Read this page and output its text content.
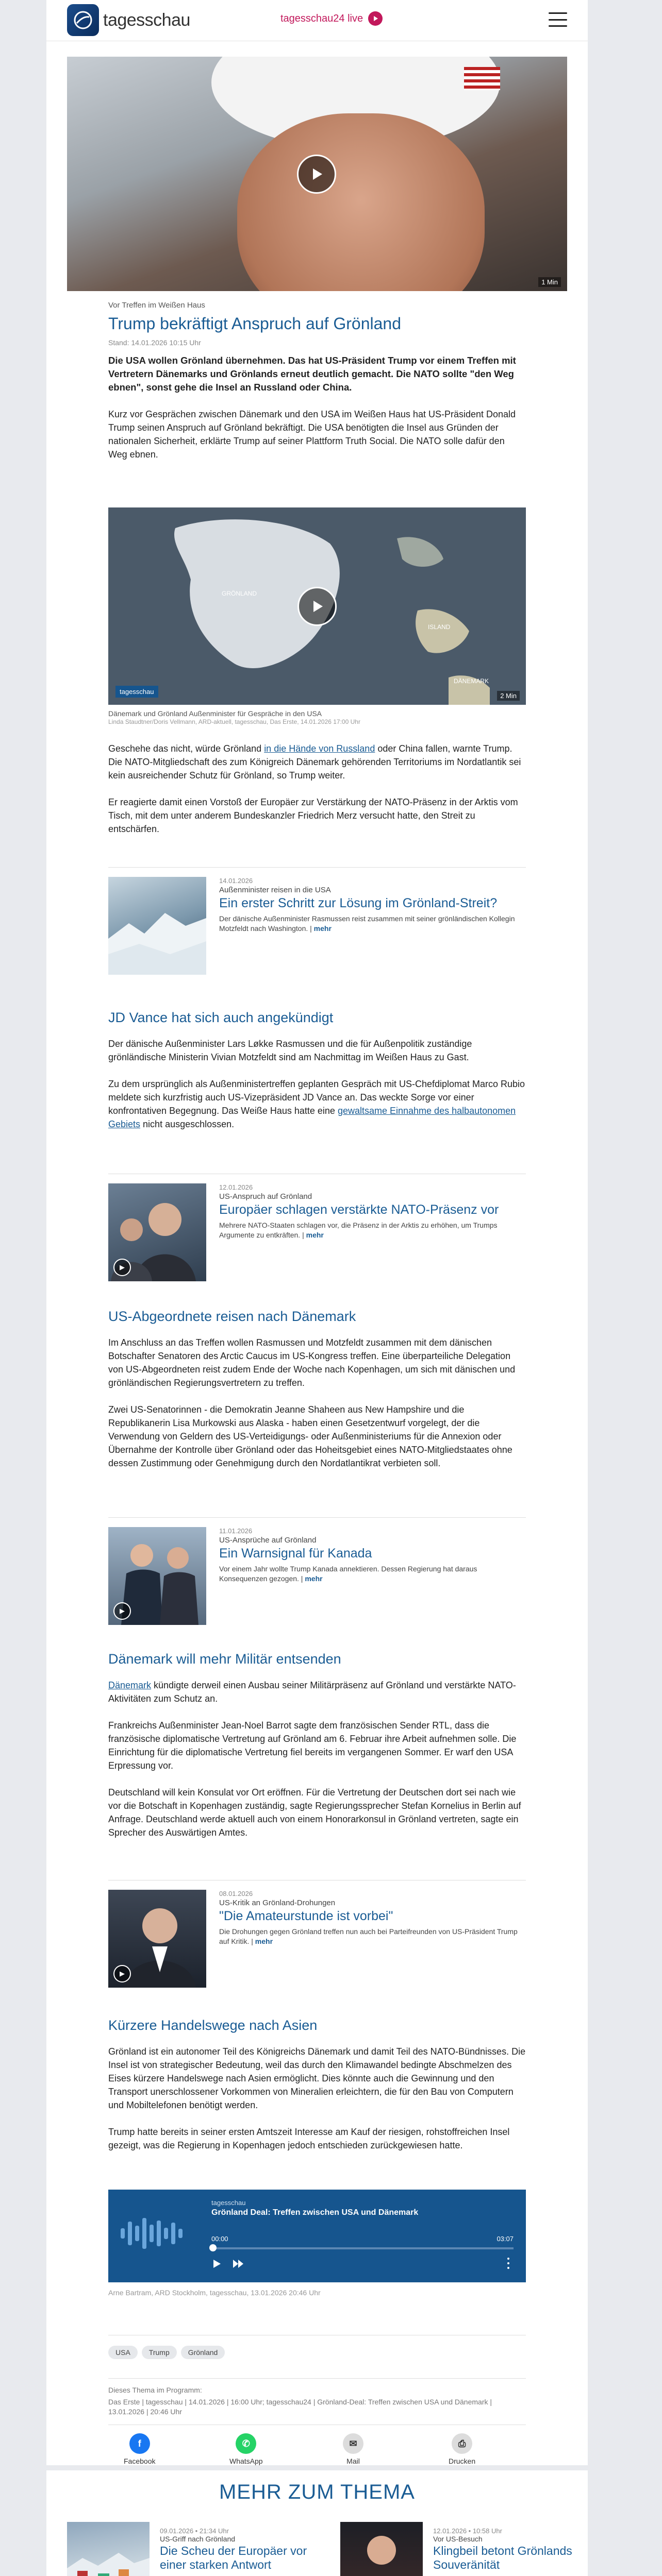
tagesschau	tagesschau24 live
1 Min
Vor Treffen im Weißen Haus
Trump bekräftigt Anspruch auf Grönland
Stand: 14.01.2026 10:15 Uhr

Die USA wollen Grönland übernehmen. Das hat US-Präsident Trump vor einem Treffen mit Vertretern Dänemarks und Grönlands erneut deutlich gemacht. Die NATO sollte "den Weg ebnen", sonst gehe die Insel an Russland oder China.

Kurz vor Gesprächen zwischen Dänemark und den USA im Weißen Haus hat US-Präsident Donald Trump seinen Anspruch auf Grönland bekräftigt. Die USA benötigten die Insel aus Gründen der nationalen Sicherheit, erklärte Trump auf seiner Plattform Truth Social. Die NATO solle dafür den Weg ebnen.

GRÖNLAND
ISLAND
DÄNEMARK
tagesschau
2 Min
Dänemark und Grönland Außenminister für Gespräche in den USA
Linda Staudtner/Doris Vellmann, ARD-aktuell, tagesschau, Das Erste, 14.01.2026 17:00 Uhr

Geschehe das nicht, würde Grönland in die Hände von Russland oder China fallen, warnte Trump. Die NATO-Mitgliedschaft des zum Königreich Dänemark gehörenden Territoriums im Nordatlantik sei kein ausreichender Schutz für Grönland, so Trump weiter.

Er reagierte damit einen Vorstoß der Europäer zur Verstärkung der NATO-Präsenz in der Arktis vom Tisch, mit dem unter anderem Bundeskanzler Friedrich Merz versucht hatte, den Streit zu entschärfen.

14.01.2026
Außenminister reisen in die USA
Ein erster Schritt zur Lösung im Grönland-Streit?
Der dänische Außenminister Rasmussen reist zusammen mit seiner grönländischen Kollegin Motzfeldt nach Washington. | mehr
JD Vance hat sich auch angekündigt

Der dänische Außenminister Lars Løkke Rasmussen und die für Außenpolitik zuständige grönländische Ministerin Vivian Motzfeldt sind am Nachmittag im Weißen Haus zu Gast.

Zu dem ursprünglich als Außenministertreffen geplanten Gespräch mit US-Chefdiplomat Marco Rubio meldete sich kurzfristig auch US-Vizepräsident JD Vance an. Das weckte Sorge vor einer konfrontativen Begegnung. Das Weiße Haus hatte eine gewaltsame Einnahme des halbautonomen Gebiets nicht ausgeschlossen.

▶
12.01.2026
US-Anspruch auf Grönland
Europäer schlagen verstärkte NATO-Präsenz vor
Mehrere NATO-Staaten schlagen vor, die Präsenz in der Arktis zu erhöhen, um Trumps Argumente zu entkräften. | mehr
US-Abgeordnete reisen nach Dänemark

Im Anschluss an das Treffen wollen Rasmussen und Motzfeldt zusammen mit dem dänischen Botschafter Senatoren des Arctic Caucus im US-Kongress treffen. Eine überparteiliche Delegation von US-Abgeordneten reist zudem Ende der Woche nach Kopenhagen, um sich mit dänischen und grönländischen Regierungsvertretern zu treffen.

Zwei US-Senatorinnen - die Demokratin Jeanne Shaheen aus New Hampshire und die Republikanerin Lisa Murkowski aus Alaska - haben einen Gesetzentwurf vorgelegt, der die Verwendung von Geldern des US-Verteidigungs- oder Außenministeriums für die Annexion oder Übernahme der Kontrolle über Grönland oder das Hoheitsgebiet eines NATO-Mitgliedstaates ohne dessen Zustimmung oder Genehmigung durch den Nordatlantikrat verbieten soll.

▶
11.01.2026
US-Ansprüche auf Grönland
Ein Warnsignal für Kanada
Vor einem Jahr wollte Trump Kanada annektieren. Dessen Regierung hat daraus Konsequenzen gezogen. | mehr
Dänemark will mehr Militär entsenden

Dänemark kündigte derweil einen Ausbau seiner Militärpräsenz auf Grönland und verstärkte NATO-Aktivitäten zum Schutz an.

Frankreichs Außenminister Jean-Noel Barrot sagte dem französischen Sender RTL, dass die französische diplomatische Vertretung auf Grönland am 6. Februar ihre Arbeit aufnehmen solle. Die Einrichtung für die diplomatische Vertretung fiel bereits im vergangenen Sommer. Er warf den USA Erpressung vor.

Deutschland will kein Konsulat vor Ort eröffnen. Für die Vertretung der Deutschen dort sei nach wie vor die Botschaft in Kopenhagen zuständig, sagte Regierungssprecher Stefan Kornelius in Berlin auf Anfrage. Deutschland werde aktuell auch von einem Honorarkonsul in Grönland vertreten, sagte ein Sprecher des Auswärtigen Amtes.

▶
08.01.2026
US-Kritik an Grönland-Drohungen
"Die Amateurstunde ist vorbei"
Die Drohungen gegen Grönland treffen nun auch bei Parteifreunden von US-Präsident Trump auf Kritik. | mehr
Kürzere Handelswege nach Asien

Grönland ist ein autonomer Teil des Königreichs Dänemark und damit Teil des NATO-Bündnisses. Die Insel ist von strategischer Bedeutung, weil das durch den Klimawandel bedingte Abschmelzen des Eises kürzere Handelswege nach Asien ermöglicht. Dies könnte auch die Gewinnung und den Transport unerschlossener Vorkommen von Mineralien erleichtern, die für den Bau von Computern und Mobiltelefonen benötigt werden.

Trump hatte bereits in seiner ersten Amtszeit Interesse am Kauf der riesigen, rohstoffreichen Insel gezeigt, was die Regierung in Kopenhagen jedoch entschieden zurückgewiesen hatte.

tagesschau
Grönland Deal: Treffen zwischen USA und Dänemark
00:00	03:07
Arne Bartram, ARD Stockholm, tagesschau, 13.01.2026 20:46 Uhr
USA	Trump	Grönland
Dieses Thema im Programm:
Das Erste | tagesschau | 14.01.2026 | 16:00 Uhr; tagesschau24 | Grönland-Deal: Treffen zwischen USA und Dänemark | 13.01.2026 | 20:46 Uhr
f
Facebook
✆
WhatsApp
✉
Mail
⎙
Drucken
MEHR ZUM THEMA
09.01.2026 • 21:34 Uhr
US-Griff nach Grönland
Die Scheu der Europäer vor einer starken Antwort
12.01.2026 • 10:58 Uhr
Vor US-Besuch
Klingbeil betont Grönlands Souveränität
